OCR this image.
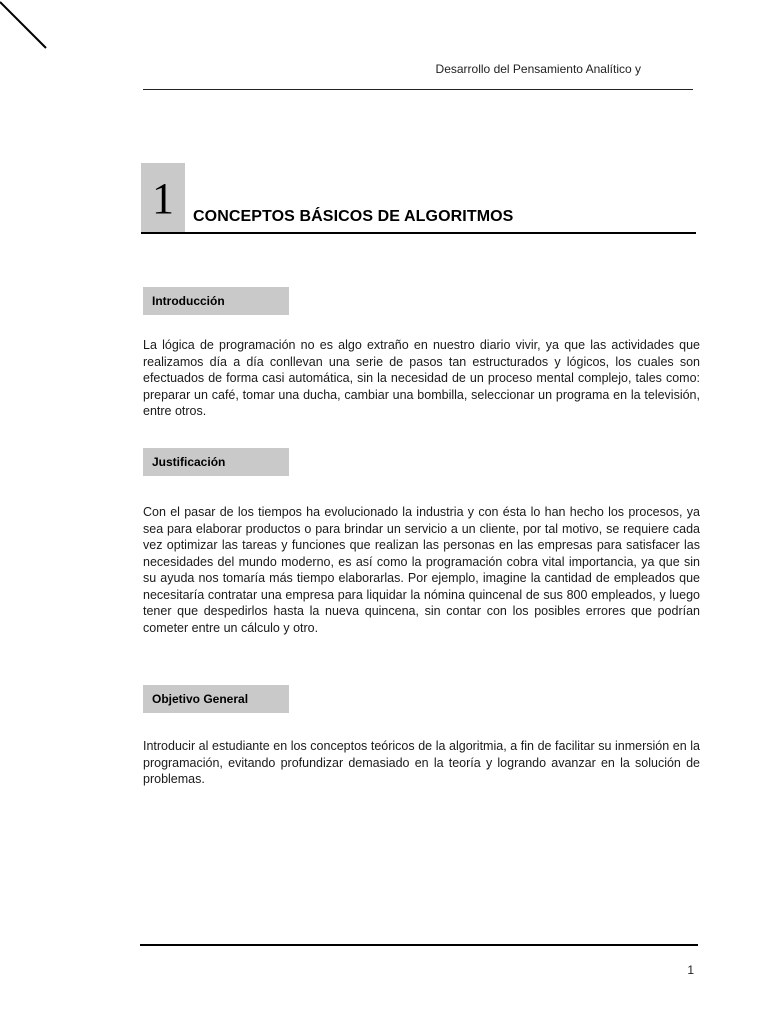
Desarrollo del Pensamiento Analítico y
1	CONCEPTOS BÁSICOS DE ALGORITMOS
Introducción

La lógica de programación no es algo extraño en nuestro diario vivir, ya que las actividades que realizamos día a día conllevan una serie de pasos tan estructurados y lógicos, los cuales son efectuados de forma casi automática, sin la necesidad de un proceso mental complejo, tales como: preparar un café, tomar una ducha, cambiar una bombilla, seleccionar un programa en la televisión, entre otros.

Justificación

Con el pasar de los tiempos ha evolucionado la industria y con ésta lo han hecho los procesos, ya sea para elaborar productos o para brindar un servicio a un cliente, por tal motivo, se requiere cada vez optimizar las tareas y funciones que realizan las personas en las empresas para satisfacer las necesidades del mundo moderno, es así como la programación cobra vital importancia, ya que sin su ayuda nos tomaría más tiempo elaborarlas. Por ejemplo, imagine la cantidad de empleados que necesitaría contratar una empresa para liquidar la nómina quincenal de sus 800 empleados, y luego tener que despedirlos hasta la nueva quincena, sin contar con los posibles errores que podrían cometer entre un cálculo y otro.

Objetivo General

Introducir al estudiante en los conceptos teóricos de la algoritmia, a fin de facilitar su inmersión en la programación, evitando profundizar demasiado en la teoría y logrando avanzar en la solución de problemas.

1
